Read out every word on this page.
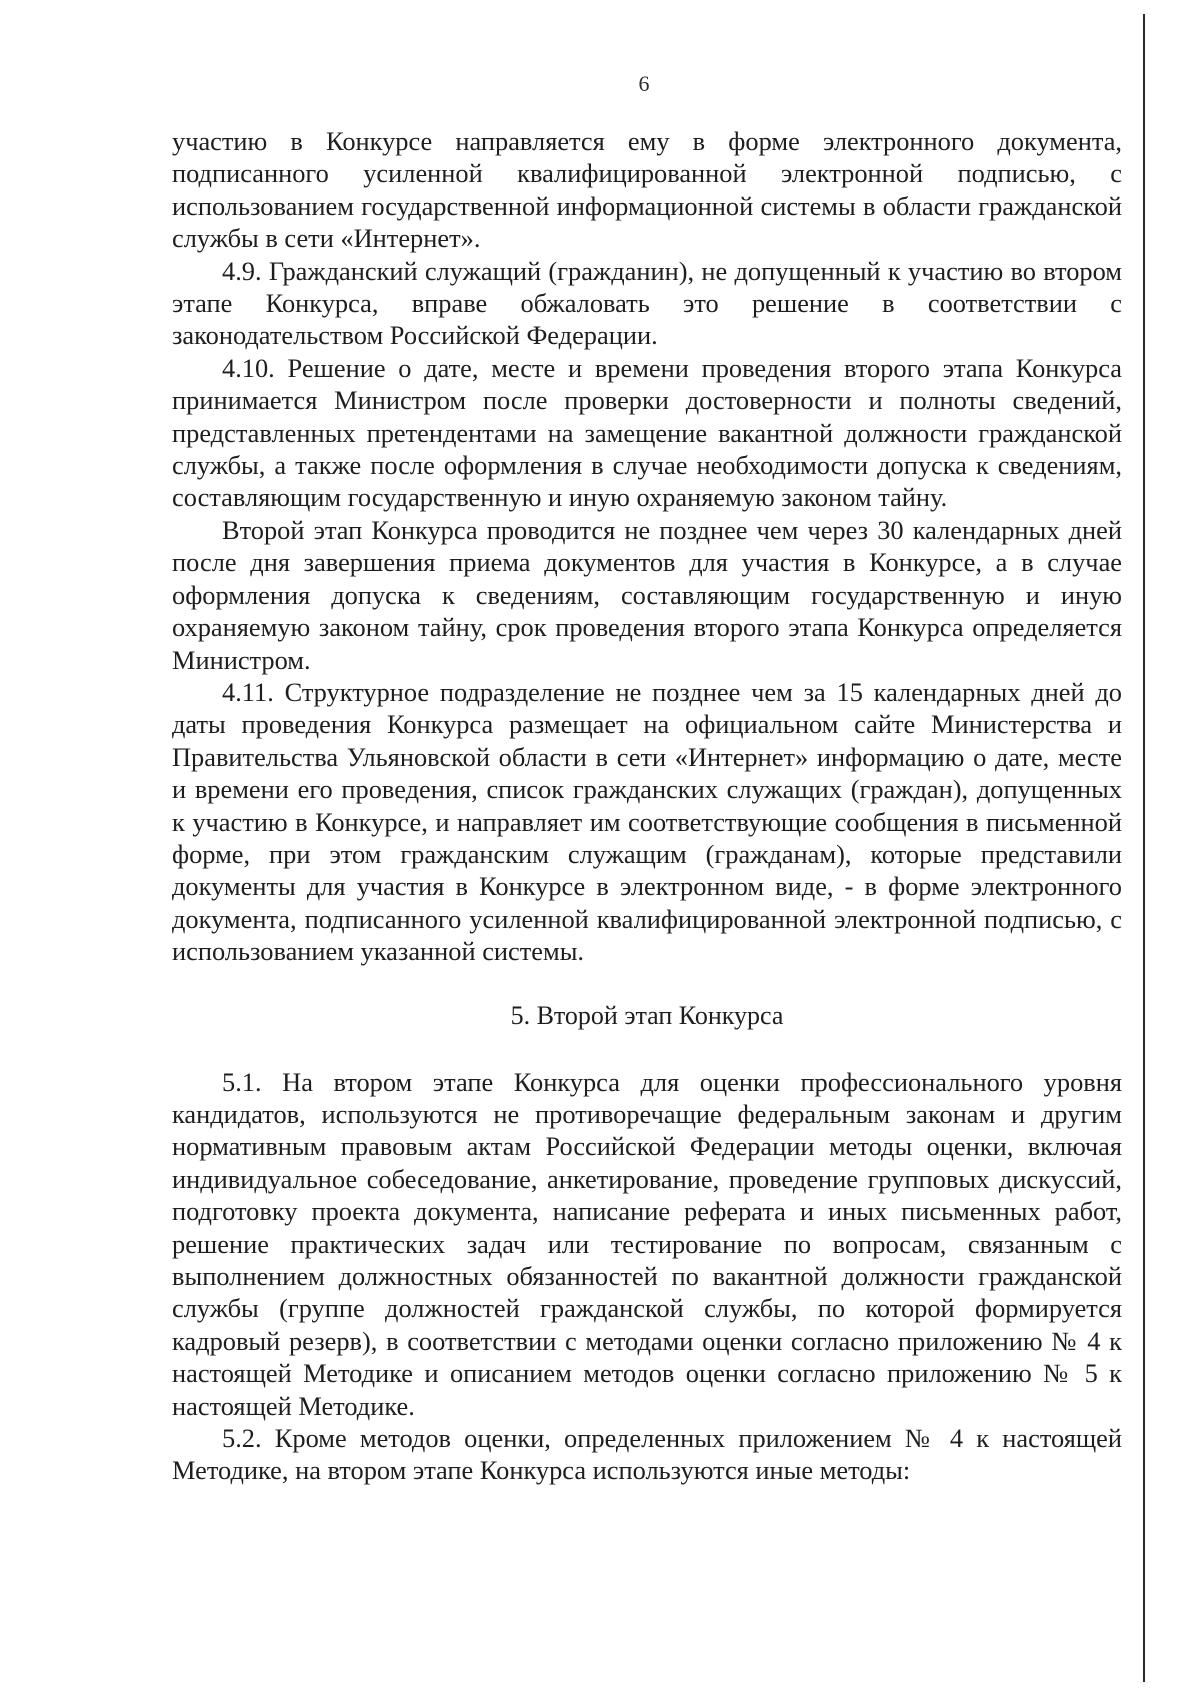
6

участию в Конкурсе направляется ему в форме электронного документа, подписанного усиленной квалифицированной электронной подписью, с использованием государственной информационной системы в области гражданской службы в сети «Интернет».

4.9. Гражданский служащий (гражданин), не допущенный к участию во втором этапе Конкурса, вправе обжаловать это решение в соответствии с законодательством Российской Федерации.

4.10. Решение о дате, месте и времени проведения второго этапа Конкурса принимается Министром после проверки достоверности и полноты сведений, представленных претендентами на замещение вакантной должности гражданской службы, а также после оформления в случае необходимости допуска к сведениям, составляющим государственную и иную охраняемую законом тайну.

Второй этап Конкурса проводится не позднее чем через 30 календарных дней после дня завершения приема документов для участия в Конкурсе, а в случае оформления допуска к сведениям, составляющим государственную и иную охраняемую законом тайну, срок проведения второго этапа Конкурса определяется Министром.

4.11. Структурное подразделение не позднее чем за 15 календарных дней до даты проведения Конкурса размещает на официальном сайте Министерства и Правительства Ульяновской области в сети «Интернет» информацию о дате, месте и времени его проведения, список гражданских служащих (граждан), допущенных к участию в Конкурсе, и направляет им соответствующие сообщения в письменной форме, при этом гражданским служащим (гражданам), которые представили документы для участия в Конкурсе в электронном виде, - в форме электронного документа, подписанного усиленной квалифицированной электронной подписью, с использованием указанной системы.

5. Второй этап Конкурса

5.1. На втором этапе Конкурса для оценки профессионального уровня кандидатов, используются не противоречащие федеральным законам и другим нормативным правовым актам Российской Федерации методы оценки, включая индивидуальное собеседование, анкетирование, проведение групповых дискуссий, подготовку проекта документа, написание реферата и иных письменных работ, решение практических задач или тестирование по вопросам, связанным с выполнением должностных обязанностей по вакантной должности гражданской службы (группе должностей гражданской службы, по которой формируется кадровый резерв), в соответствии с методами оценки согласно приложению № 4 к настоящей Методике и описанием методов оценки согласно приложению № 5 к настоящей Методике.

5.2. Кроме методов оценки, определенных приложением № 4 к настоящей Методике, на втором этапе Конкурса используются иные методы:
